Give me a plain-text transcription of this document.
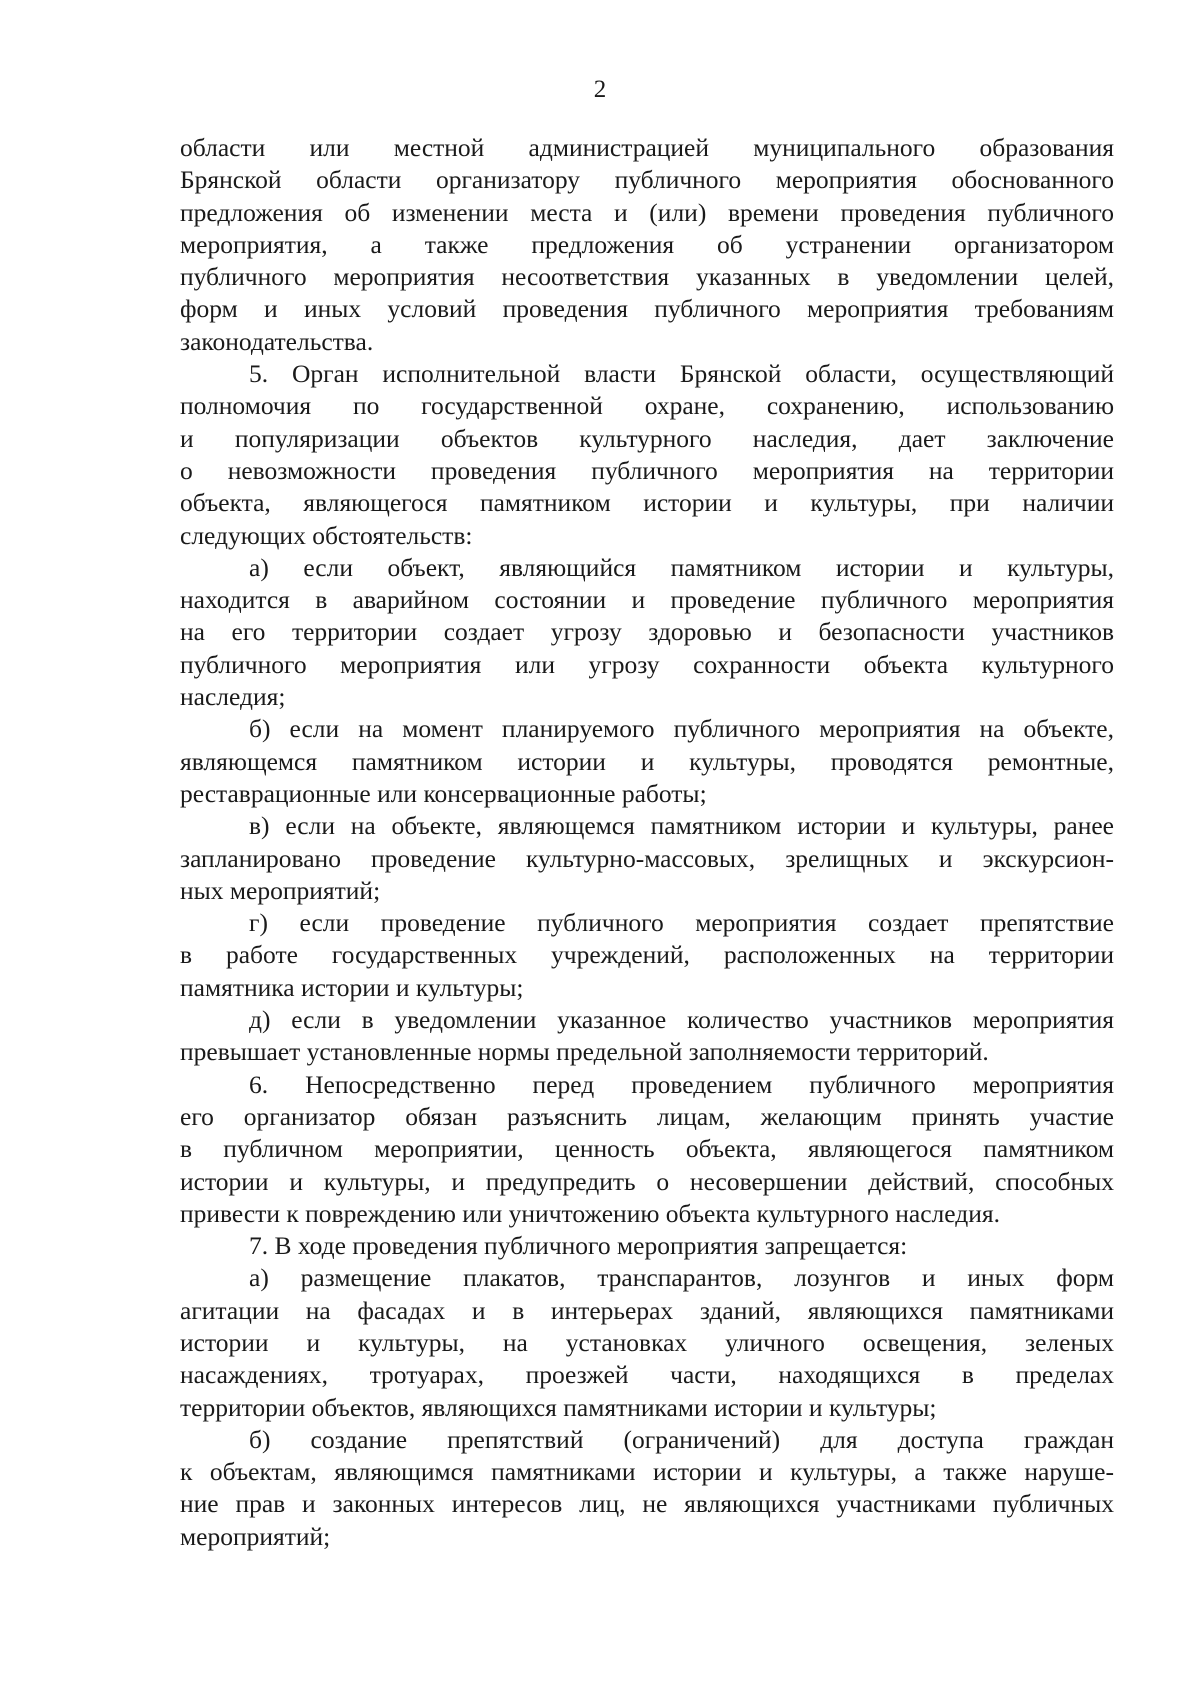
2
области или местной администрацией муниципального образования
Брянской области организатору публичного мероприятия обоснованного
предложения об изменении места и (или) времени проведения публичного
мероприятия, а также предложения об устранении организатором
публичного мероприятия несоответствия указанных в уведомлении целей,
форм и иных условий проведения публичного мероприятия требованиям
законодательства.
5. Орган исполнительной власти Брянской области, осуществляющий
полномочия по государственной охране, сохранению, использованию
и популяризации объектов культурного наследия, дает заключение
о невозможности проведения публичного мероприятия на территории
объекта, являющегося памятником истории и культуры, при наличии
следующих обстоятельств:
а) если объект, являющийся памятником истории и культуры,
находится в аварийном состоянии и проведение публичного мероприятия
на его территории создает угрозу здоровью и безопасности участников
публичного мероприятия или угрозу сохранности объекта культурного
наследия;
б) если на момент планируемого публичного мероприятия на объекте,
являющемся памятником истории и культуры, проводятся ремонтные,
реставрационные или консервационные работы;
в) если на объекте, являющемся памятником истории и культуры, ранее
запланировано проведение культурно-массовых, зрелищных и экскурсион-
ных мероприятий;
г) если проведение публичного мероприятия создает препятствие
в работе государственных учреждений, расположенных на территории
памятника истории и культуры;
д) если в уведомлении указанное количество участников мероприятия
превышает установленные нормы предельной заполняемости территорий.
6. Непосредственно перед проведением публичного мероприятия
его организатор обязан разъяснить лицам, желающим принять участие
в публичном мероприятии, ценность объекта, являющегося памятником
истории и культуры, и предупредить о несовершении действий, способных
привести к повреждению или уничтожению объекта культурного наследия.
7. В ходе проведения публичного мероприятия запрещается:
а) размещение плакатов, транспарантов, лозунгов и иных форм
агитации на фасадах и в интерьерах зданий, являющихся памятниками
истории и культуры, на установках уличного освещения, зеленых
насаждениях, тротуарах, проезжей части, находящихся в пределах
территории объектов, являющихся памятниками истории и культуры;
б) создание препятствий (ограничений) для доступа граждан
к объектам, являющимся памятниками истории и культуры, а также наруше-
ние прав и законных интересов лиц, не являющихся участниками публичных
мероприятий;
